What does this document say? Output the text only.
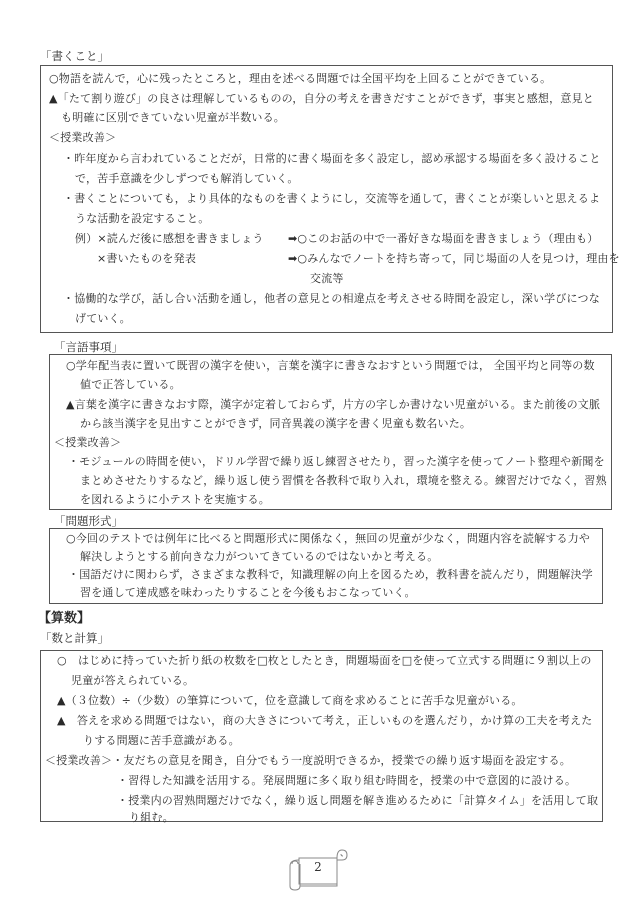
「書くこと」
○物語を読んで，心に残ったところと，理由を述べる問題では全国平均を上回ることができている。
▲「たて割り遊び」の良さは理解しているものの，自分の考えを書きだすことができず，事実と感想，意見と
も明確に区別できていない児童が半数いる。
＜授業改善＞
・昨年度から言われていることだが，日常的に書く場面を多く設定し，認め承認する場面を多く設けること
で，苦手意識を少しずつでも解消していく。
・書くことについても，より具体的なものを書くようにし，交流等を通して，書くことが楽しいと思えるよ
うな活動を設定すること。
例）×読んだ後に感想を書きましょう ➡○このお話の中で一番好きな場面を書きましょう（理由も）
×書いたものを発表	➡○みんなでノートを持ち寄って，同じ場面の人を見つけ，理由を
交流等
・協働的な学び，話し合い活動を通し，他者の意見との相違点を考えさせる時間を設定し，深い学びにつな
げていく。
「言語事項」
○学年配当表に置いて既習の漢字を使い，言葉を漢字に書きなおすという問題では， 全国平均と同等の数
値で正答している。
▲言葉を漢字に書きなおす際，漢字が定着しておらず，片方の字しか書けない児童がいる。また前後の文脈
から該当漢字を見出すことができず，同音異義の漢字を書く児童も数名いた。
＜授業改善＞
・モジュールの時間を使い，ドリル学習で繰り返し練習させたり，習った漢字を使ってノート整理や新聞を
まとめさせたりするなど，繰り返し使う習慣を各教科で取り入れ，環境を整える。練習だけでなく，習熟
を図れるように小テストを実施する。
「問題形式」
○今回のテストでは例年に比べると問題形式に関係なく，無回の児童が少なく，問題内容を読解する力や
解決しようとする前向きな力がついてきているのではないかと考える。
・国語だけに関わらず，さまざまな教科で，知識理解の向上を図るため，教科書を読んだり，問題解決学
習を通して達成感を味わったりすることを今後もおこなっていく。
【算数】
「数と計算」
○　はじめに持っていた折り紙の枚数を□枚としたとき，問題場面を□を使って立式する問題に９割以上の
児童が答えられている。
▲（３位数）÷（少数）の筆算について，位を意識して商を求めることに苦手な児童がいる。
▲　答えを求める問題ではない，商の大きさについて考え，正しいものを選んだり，かけ算の工夫を考えた
りする問題に苦手意識がある。
＜授業改善＞・友だちの意見を聞き，自分でもう一度説明できるか，授業での繰り返す場面を設定する。
・習得した知識を活用する。発展問題に多く取り組む時間を，授業の中で意図的に設ける。
・授業内の習熟問題だけでなく，繰り返し問題を解き進めるために「計算タイム」を活用して取
り組む。
2
